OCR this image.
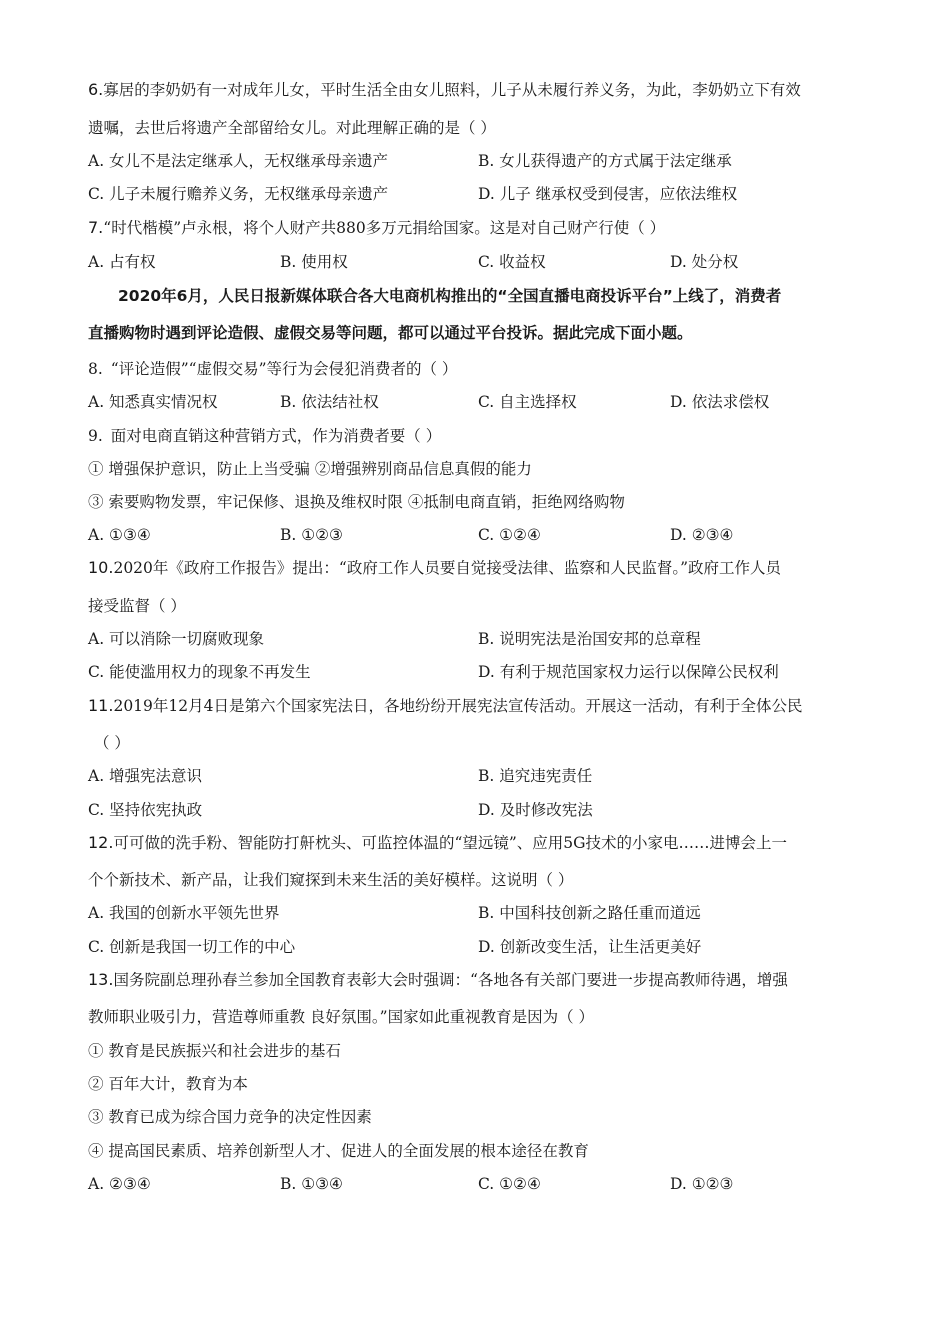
6.寡居的李奶奶有一对成年儿女，平时生活全由女儿照料，儿子从未履行养义务，为此，李奶奶立下有效
遗嘱，去世后将遗产全部留给女儿。对此理解正确的是（ ）
A. 女儿不是法定继承人，无权继承母亲遗产	B. 女儿获得遗产的方式属于法定继承
C. 儿子未履行赡养义务，无权继承母亲遗产	D. 儿子 继承权受到侵害，应依法维权
7.“时代楷模”卢永根，将个人财产共880多万元捐给国家。这是对自己财产行使（ ）
A. 占有权	B. 使用权	C. 收益权	D. 处分权
2020年6月，人民日报新媒体联合各大电商机构推出的“全国直播电商投诉平台”上线了，消费者
直播购物时遇到评论造假、虚假交易等问题，都可以通过平台投诉。据此完成下面小题。
8. “评论造假”“虚假交易”等行为会侵犯消费者的（ ）
A. 知悉真实情况权	B. 依法结社权	C. 自主选择权	D. 依法求偿权
9. 面对电商直销这种营销方式，作为消费者要（ ）
① 增强保护意识，防止上当受骗 ②增强辨别商品信息真假的能力
③ 索要购物发票，牢记保修、退换及维权时限 ④抵制电商直销，拒绝网络购物
A. ①③④	B. ①②③	C. ①②④	D. ②③④
10.2020年《政府工作报告》提出：“政府工作人员要自觉接受法律、监察和人民监督。”政府工作人员
接受监督（ ）
A. 可以消除一切腐败现象	B. 说明宪法是治国安邦的总章程
C. 能使滥用权力的现象不再发生	D. 有利于规范国家权力运行以保障公民权利
11.2019年12月4日是第六个国家宪法日，各地纷纷开展宪法宣传活动。开展这一活动，有利于全体公民
（ ）
A. 增强宪法意识	B. 追究违宪责任
C. 坚持依宪执政	D. 及时修改宪法
12.可可做的洗手粉、智能防打鼾枕头、可监控体温的“望远镜”、应用5G技术的小家电……进博会上一
个个新技术、新产品，让我们窥探到未来生活的美好模样。这说明（ ）
A. 我国的创新水平领先世界	B. 中国科技创新之路任重而道远
C. 创新是我国一切工作的中心	D. 创新改变生活，让生活更美好
13.国务院副总理孙春兰参加全国教育表彰大会时强调：“各地各有关部门要进一步提高教师待遇，增强
教师职业吸引力，营造尊师重教 良好氛围。”国家如此重视教育是因为（ ）
① 教育是民族振兴和社会进步的基石
② 百年大计，教育为本
③ 教育已成为综合国力竞争的决定性因素
④ 提高国民素质、培养创新型人才、促进人的全面发展的根本途径在教育
A. ②③④	B. ①③④	C. ①②④	D. ①②③
